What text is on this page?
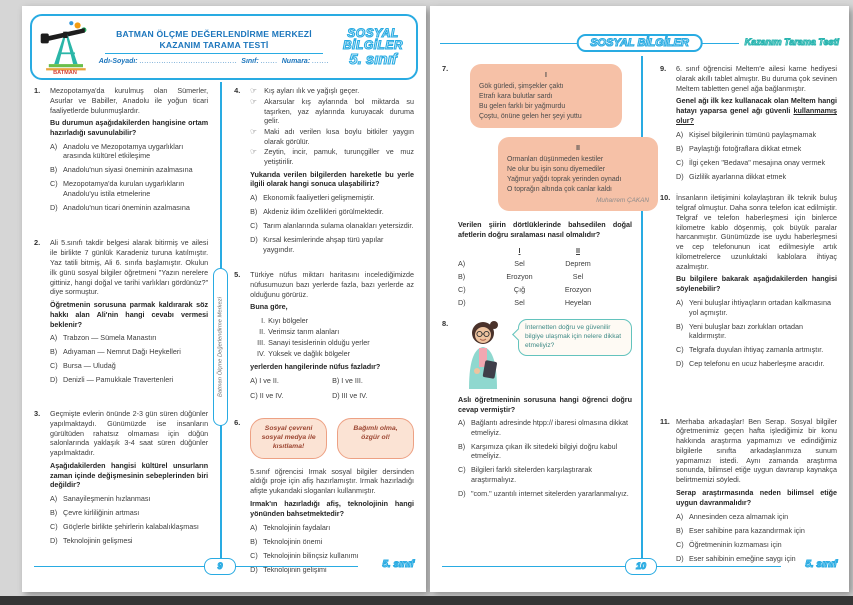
BATMAN
BATMAN ÖLÇME DEĞERLENDİRME MERKEZİ
KAZANIM TARAMA TESTİ
Adı-Soyadı: ........................................ Sınıf: ....... Numara: .......
SOSYAL
BİLGİLER
5. sınıf
Batman Ölçme Değerlendirme Merkezi
1. Mezopotamya'da kurulmuş olan Sümerler, Asurlar ve Babiller, Anadolu ile yoğun ticari faaliyetlerde bulunmuşlardır.
Bu durumun aşağıdakilerden hangisine ortam hazırladığı savunulabilir?
A) Anadolu ve Mezopotamya uygarlıkları arasında kültürel etkileşime
B) Anadolu'nun siyasi öneminin azalmasına
C) Mezopotamya'da kurulan uygarlıkların Anadolu'yu istila etmelerine
D) Anadolu'nun ticari öneminin azalmasına
2. Ali 5.sınıfı takdir belgesi alarak bitirmiş ve ailesi ile birlikte 7 günlük Karadeniz turuna katılmıştır. Yaz tatili bitmiş, Ali 6. sınıfa başlamıştır. Okulun ilk günü sosyal bilgiler öğretmeni "Yazın nerelere gittiniz, hangi doğal ve tarihi varlıkları gördünüz?" diye sormuştur.
Öğretmenin sorusuna parmak kaldırarak söz hakkı alan Ali'nin hangi cevabı vermesi beklenir?
A) Trabzon — Sümela Manastırı
B) Adıyaman — Nemrut Dağı Heykelleri
C) Bursa — Uludağ
D) Denizli — Pamukkale Travertenleri
3. Geçmişte evlerin önünde 2-3 gün süren düğünler yapılmaktaydı. Günümüzde ise insanların gürültüden rahatsız olmaması için düğün salonlarında yaklaşık 3-4 saat süren düğünler yapılmaktadır.
Aşağıdakilerden hangisi kültürel unsurların zaman içinde değişmesinin sebeplerinden biri değildir?
A) Sanayileşmenin hızlanması
B) Çevre kirliliğinin artması
C) Göçlerle birlikte şehirlerin kalabalıklaşması
D) Teknolojinin gelişmesi
4. ☞	Kış ayları ılık ve yağışlı geçer.
☞	Akarsular kış aylarında bol miktarda su taşırken, yaz aylarında kuruyacak duruma gelir.
☞	Maki adı verilen kısa boylu bitkiler yaygın olarak görülür.
☞	Zeytin, incir, pamuk, turunçgiller ve muz yetiştirilir.
Yukarıda verilen bilgilerden hareketle bu yerle ilgili olarak hangi sonuca ulaşabiliriz?
A) Ekonomik faaliyetleri gelişmemiştir.
B) Akdeniz iklim özellikleri görülmektedir.
C) Tarım alanlarında sulama olanakları yetersizdir.
D) Kırsal kesimlerinde ahşap türü yapılar yaygındır.
5. Türkiye nüfus miktarı haritasını incelediğimizde nüfusumuzun bazı yerlerde fazla, bazı yerlerde az olduğunu görürüz.
Buna göre,
I. Kıyı bölgeler
II. Verimsiz tarım alanları
III. Sanayi tesislerinin olduğu yerler
IV. Yüksek ve dağlık bölgeler
yerlerden hangilerinde nüfus fazladır?
A) I ve II.	B) I ve III.
C) II ve IV.	D) III ve IV.
6.
Sosyal çevreni sosyal medya ile kısıtlama!
Bağımlı olma, özgür ol!
5.sınıf öğrencisi Irmak sosyal bilgiler dersinden aldığı proje için afiş hazırlamıştır. Irmak hazırladığı afişte yukarıdaki sloganları kullanmıştır.
Irmak'ın hazırladığı afiş, teknolojinin hangi yönünden bahsetmektedir?
A) Teknolojinin faydaları
B) Teknolojinin önemi
C) Teknolojinin bilinçsiz kullanımı
D) Teknolojinin gelişimi
9	5. sınıf
SOSYAL BİLGİLER	Kazanım Tarama Testi
7.
I
Gök gürledi, şimşekler çaktı
Etrafı kara bulutlar sardı
Bu gelen farklı bir yağmurdu
Çoştu, önüne gelen her şeyi yuttu
II
Ormanları düşünmeden kestiler
Ne olur bu işin sonu diyemediler
Yağmur yağdı toprak yerinden oynadı
O toprağın altında çok canlar kaldı
Muharrem ÇAKAN
Verilen şiirin dörtlüklerinde bahsedilen doğal afetlerin doğru sıralaması nasıl olmalıdır?
I	II
A)	Sel	Deprem
B)	Erozyon	Sel
C)	Çığ	Erozyon
D)	Sel	Heyelan
8.	İnternetten doğru ve güvenilir bilgiye ulaşmak için nelere dikkat etmeliyiz?
Aslı öğretmeninin sorusuna hangi öğrenci doğru cevap vermiştir?
A) Bağlantı adresinde htpp:// ibaresi olmasına dikkat etmeliyiz.
B) Karşımıza çıkan ilk sitedeki bilgiyi doğru kabul etmeliyiz.
C) Bilgileri farklı sitelerden karşılaştırarak araştırmalıyız.
D) "com." uzantılı internet sitelerden yararlanmalıyız.
9. 6. sınıf öğrencisi Meltem'e ailesi karne hediyesi olarak akıllı tablet almıştır. Bu duruma çok sevinen Meltem tabletten genel ağa bağlanmıştır.
Genel ağı ilk kez kullanacak olan Meltem hangi hatayı yaparsa genel ağı güvenli kullanmamış olur?
A) Kişisel bilgilerinin tümünü paylaşmamak
B) Paylaştığı fotoğraflara dikkat etmek
C) İlgi çeken "Bedava" mesajına onay vermek
D) Gizlilik ayarlarına dikkat etmek
10. İnsanların iletişimini kolaylaştıran ilk teknik buluş telgraf olmuştur. Daha sonra telefon icat edilmiştir. Telgraf ve telefon haberleşmesi için binlerce kilometre kablo döşenmiş, çok büyük paralar harcanmıştır. Günümüzde ise uydu haberleşmesi ve cep telefonunun icat edilmesiyle artık kilometrelerce uzunluktaki kablolara ihtiyaç azalmıştır.
Bu bilgilere bakarak aşağıdakilerden hangisi söylenebilir?
A) Yeni buluşlar ihtiyaçların ortadan kalkmasına yol açmıştır.
B) Yeni buluşlar bazı zorlukları ortadan kaldırmıştır.
C) Telgrafa duyulan ihtiyaç zamanla artmıştır.
D) Cep telefonu en ucuz haberleşme aracıdır.
11. Merhaba arkadaşlar! Ben Serap. Sosyal bilgiler öğretmenimiz geçen hafta işlediğimiz bir konu hakkında araştırma yapmamızı ve edindiğimiz bilgilerle sınıfta arkadaşlarımıza sunum yapmamızı istedi. Aynı zamanda araştırma sonunda, bilimsel etiğe uygun davranıp kaynakça belirtmemizi söyledi.
Serap araştırmasında neden bilimsel etiğe uygun davranmalıdır?
A) Annesinden ceza almamak için
B) Eser sahibine para kazandırmak için
C) Öğretmeninin kızmaması için
D) Eser sahibinin emeğine saygı için
10	5. sınıf
